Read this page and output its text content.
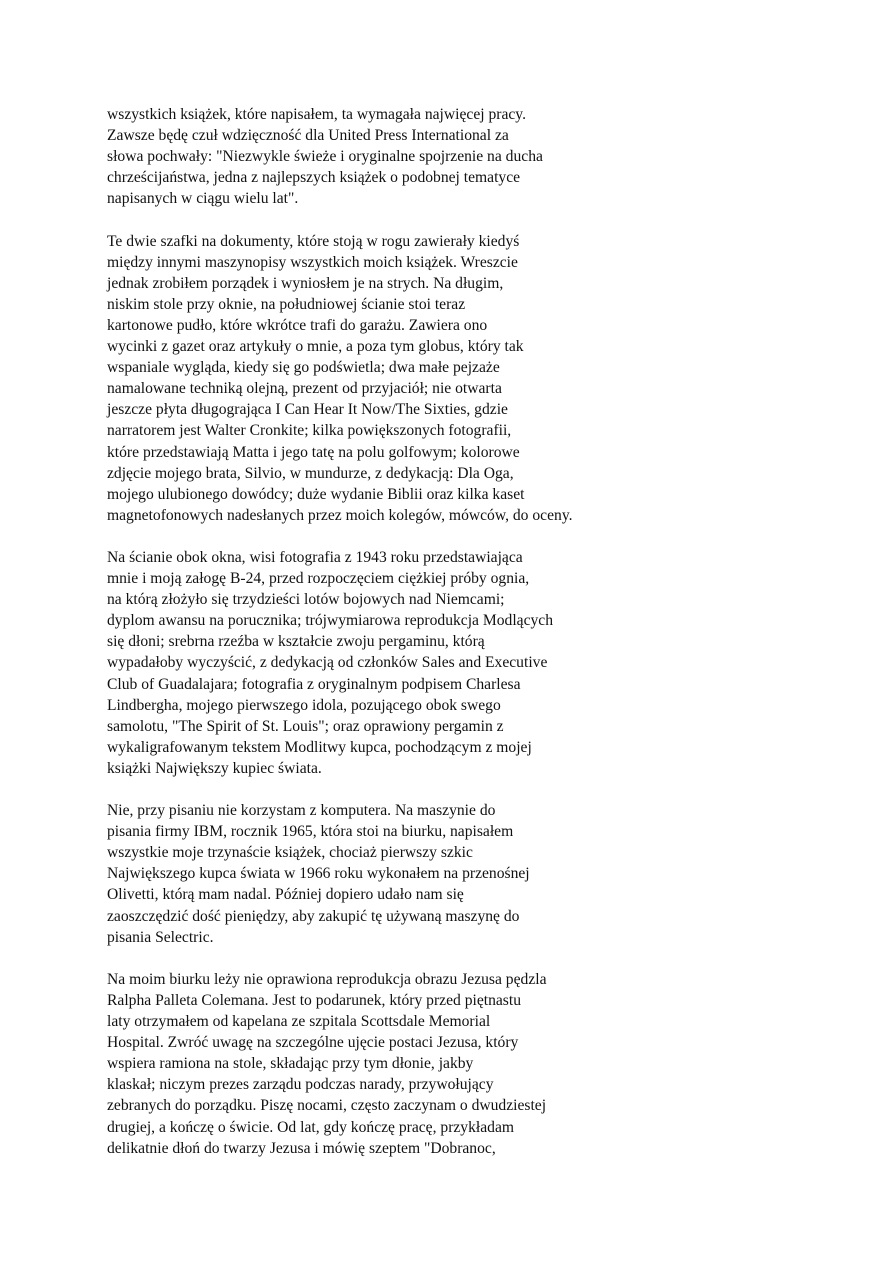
wszystkich książek, które napisałem, ta wymagała najwięcej pracy.
Zawsze będę czuł wdzięczność dla United Press International za
słowa pochwały: "Niezwykle świeże i oryginalne spojrzenie na ducha
chrześcijaństwa, jedna z najlepszych książek o podobnej tematyce
napisanych w ciągu wielu lat".

Te dwie szafki na dokumenty, które stoją w rogu zawierały kiedyś
między innymi maszynopisy wszystkich moich książek. Wreszcie
jednak zrobiłem porządek i wyniosłem je na strych. Na długim,
niskim stole przy oknie, na południowej ścianie stoi teraz
kartonowe pudło, które wkrótce trafi do garażu. Zawiera ono
wycinki z gazet oraz artykuły o mnie, a poza tym globus, który tak
wspaniale wygląda, kiedy się go podświetla; dwa małe pejzaże
namalowane techniką olejną, prezent od przyjaciół; nie otwarta
jeszcze płyta długogrająca I Can Hear It Now/The Sixties, gdzie
narratorem jest Walter Cronkite; kilka powiększonych fotografii,
które przedstawiają Matta i jego tatę na polu golfowym; kolorowe
zdjęcie mojego brata, Silvio, w mundurze, z dedykacją: Dla Oga,
mojego ulubionego dowódcy; duże wydanie Biblii oraz kilka kaset
magnetofonowych nadesłanych przez moich kolegów, mówców, do oceny.

Na ścianie obok okna, wisi fotografia z 1943 roku przedstawiająca
mnie i moją załogę B-24, przed rozpoczęciem ciężkiej próby ognia,
na którą złożyło się trzydzieści lotów bojowych nad Niemcami;
dyplom awansu na porucznika; trójwymiarowa reprodukcja Modlących
się dłoni; srebrna rzeźba w kształcie zwoju pergaminu, którą
wypadałoby wyczyścić, z dedykacją od członków Sales and Executive
Club of Guadalajara; fotografia z oryginalnym podpisem Charlesa
Lindbergha, mojego pierwszego idola, pozującego obok swego
samolotu, "The Spirit of St. Louis"; oraz oprawiony pergamin z
wykaligrafowanym tekstem Modlitwy kupca, pochodzącym z mojej
książki Największy kupiec świata.

Nie, przy pisaniu nie korzystam z komputera. Na maszynie do
pisania firmy IBM, rocznik 1965, która stoi na biurku, napisałem
wszystkie moje trzynaście książek, chociaż pierwszy szkic
Największego kupca świata w 1966 roku wykonałem na przenośnej
Olivetti, którą mam nadal. Później dopiero udało nam się
zaoszczędzić dość pieniędzy, aby zakupić tę używaną maszynę do
pisania Selectric.

Na moim biurku leży nie oprawiona reprodukcja obrazu Jezusa pędzla
Ralpha Palleta Colemana. Jest to podarunek, który przed piętnastu
laty otrzymałem od kapelana ze szpitala Scottsdale Memorial
Hospital. Zwróć uwagę na szczególne ujęcie postaci Jezusa, który
wspiera ramiona na stole, składając przy tym dłonie, jakby
klaskał; niczym prezes zarządu podczas narady, przywołujący
zebranych do porządku. Piszę nocami, często zaczynam o dwudziestej
drugiej, a kończę o świcie. Od lat, gdy kończę pracę, przykładam
delikatnie dłoń do twarzy Jezusa i mówię szeptem "Dobranoc,
